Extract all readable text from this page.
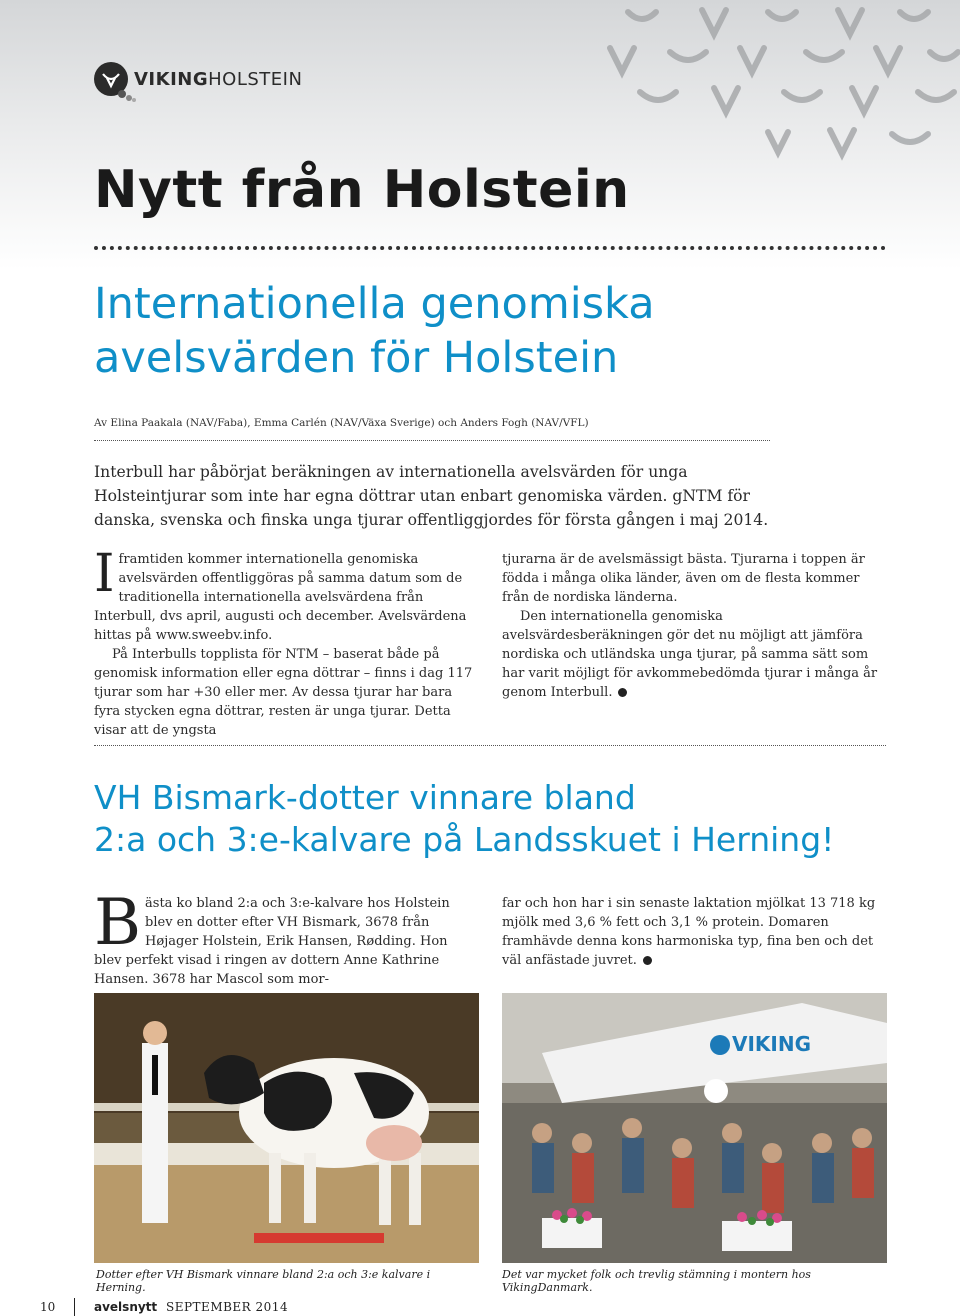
VIKINGHOLSTEIN
Nytt från Holstein
Internationella genomiska
avelsvärden för Holstein
Av Elina Paakala (NAV/Faba), Emma Carlén (NAV/Växa Sverige) och Anders Fogh (NAV/VFL)
Interbull har påbörjat beräkningen av internationella avelsvärden för unga Holsteintjurar som inte har egna döttrar utan enbart genomiska värden. gNTM för danska, svenska och finska unga tjurar offentliggjordes för första gången i maj 2014.

Iframtiden kommer internationella genomiska avelsvärden offentliggöras på samma datum som de traditionella internationella avelsvärdena från Interbull, dvs april, augusti och december. Avelsvärdena hittas på www.sweebv.info.

På Interbulls topplista för NTM – baserat både på genomisk information eller egna döttrar – finns i dag 117 tjurar som har +30 eller mer. Av dessa tjurar har bara fyra stycken egna döttrar, resten är unga tjurar. Detta visar att de yngsta

tjurarna är de avelsmässigt bästa. Tjurarna i toppen är födda i många olika länder, även om de flesta kommer från de nordiska länderna.

Den internationella genomiska avelsvärdesberäkningen gör det nu möjligt att jämföra nordiska och utländska unga tjurar, på samma sätt som har varit möjligt för avkommebedömda tjurar i många år genom Interbull.

VH Bismark-dotter vinnare bland
2:a och 3:e-kalvare på Landsskuet i Herning!

Bästa ko bland 2:a och 3:e-kalvare hos Holstein blev en dotter efter VH Bismark, 3678 från Højager Holstein, Erik Hansen, Rødding. Hon blev perfekt visad i ringen av dottern Anne Kathrine Hansen. 3678 har Mascol som mor-

far och hon har i sin senaste laktation mjölkat 13 718 kg mjölk med 3,6 % fett och 3,1 % protein. Domaren framhävde denna kons harmoniska typ, fina ben och det väl anfästade juvret.

VIKING
Dotter efter VH Bismark vinnare bland 2:a och 3:e kalvare i Herning.
Det var mycket folk och trevlig stämning i montern hos VikingDanmark.
10	avelsnytt SEPTEMBER 2014
